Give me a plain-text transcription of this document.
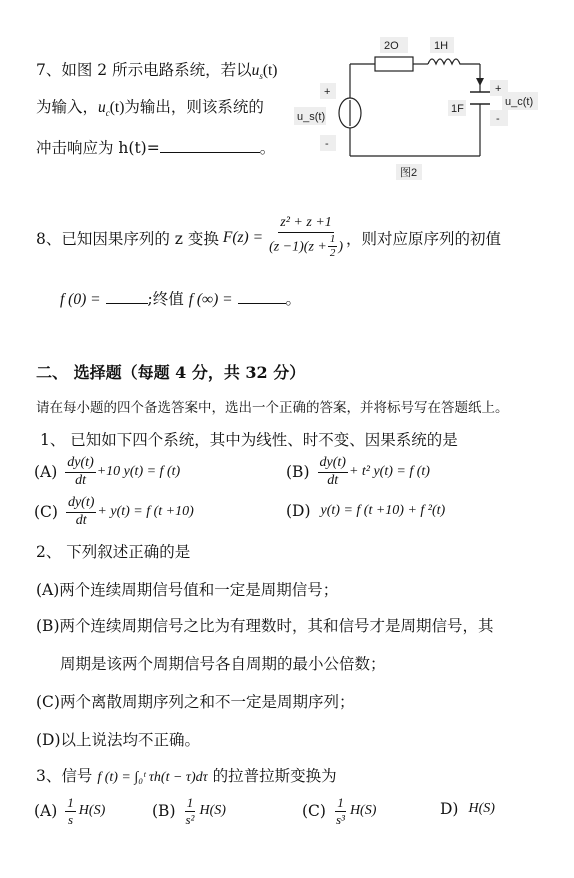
7、如图 2 所示电路系统，若以$u_s(t)$
为输入，$u_c(t)$为输出，则该系统的
冲击响应为 h(t)=	。
2O	1H
+
u_s(t)
-
+
1F
u_c(t)
-
图2
8、已知因果序列的 z 变换 $F(z) = \frac{\text{z² + z +1}}{(z -1)(z + \frac{1}{2} )}$ ，则对应原序列的初值
f (0) =	;终值 f (∞) =	。
二、 选择题（每题 4 分，共 32 分）
请在每小题的四个备选答案中，选出一个正确的答案，并将标号写在答题纸上。
1、 已知如下四个系统，其中为线性、时不变、因果系统的是
$(A) \frac{dy(t)}{dt} +10$ y(t) = f (t)	$(B) \frac{dy(t)}{dt} + t^2$ y(t) = f (t)
$(C) \frac{dy(t)}{dt} + y(t) = f$ (t +10)	(D) y(t) = f (t +10) + f ²(t)
2、 下列叙述正确的是
(A)两个连续周期信号值和一定是周期信号；
(B)两个连续周期信号之比为有理数时，其和信号才是周期信号，其
周期是该两个周期信号各自周期的最小公倍数；
(C)两个离散周期序列之和不一定是周期序列；
(D)以上说法均不正确。
3、信号 f (t) = ∫₀ᵗ τh(t − τ)dτ 的拉普拉斯变换为
$(A) \frac{1}{s} H(S)$	$(B) \frac{1}{\text{s²}} H(S)$	$(C) \frac{1}{\text{s³}} H(S)$	D) H(S)
